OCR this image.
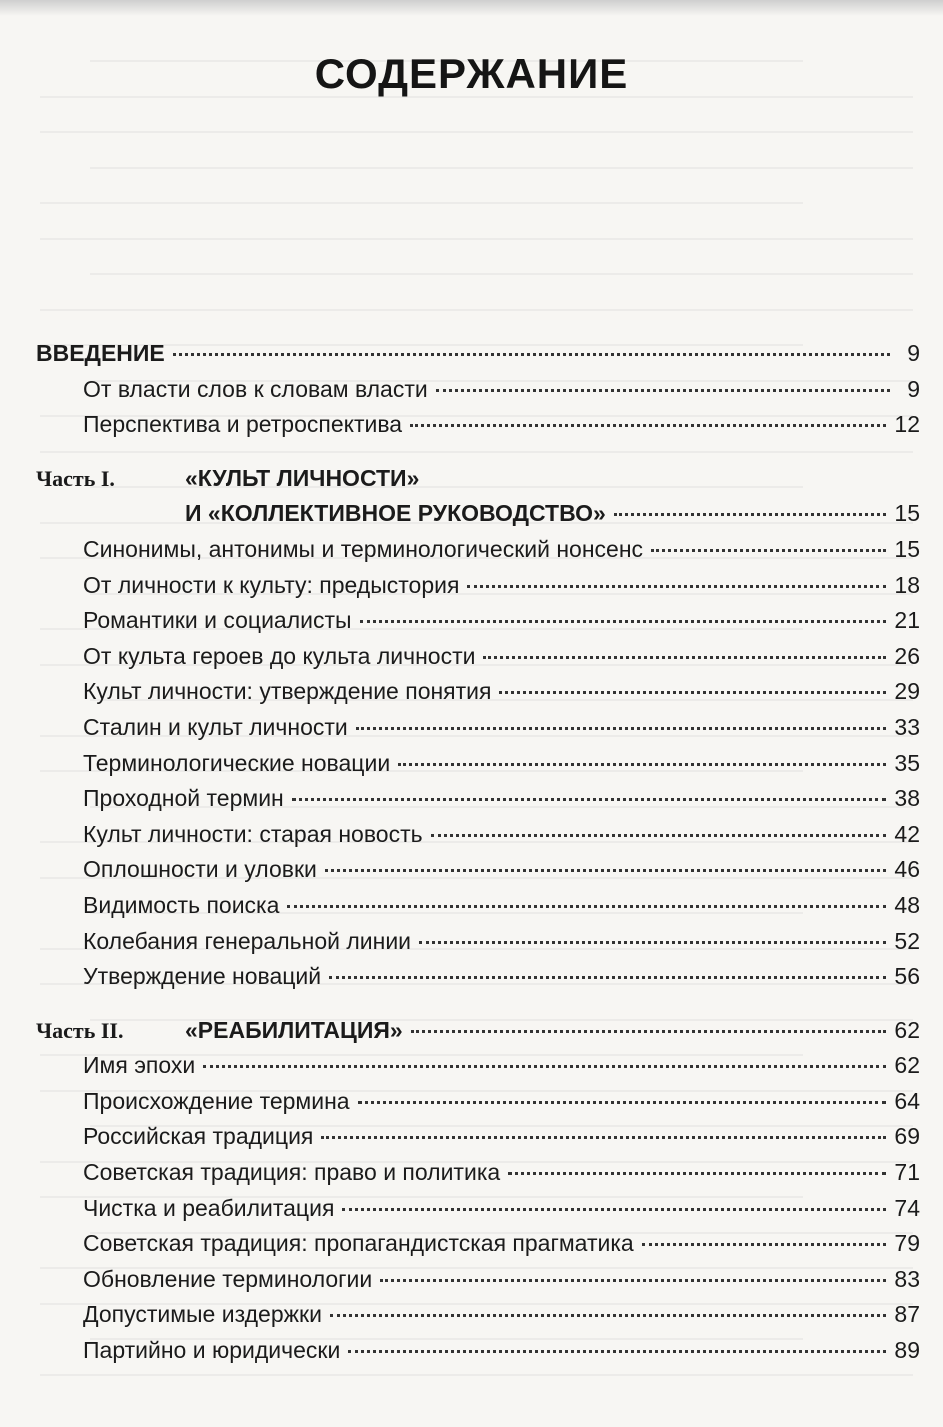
СОДЕРЖАНИЕ
ВВЕДЕНИЕ	9
От власти слов к словам власти	9
Перспектива и ретроспектива	12
Часть I.	«КУЛЬТ ЛИЧНОСТИ»
И «КОЛЛЕКТИВНОЕ РУКОВОДСТВО»	15
Синонимы, антонимы и терминологический нонсенс	15
От личности к культу: предыстория	18
Романтики и социалисты	21
От культа героев до культа личности	26
Культ личности: утверждение понятия	29
Сталин и культ личности	33
Терминологические новации	35
Проходной термин	38
Культ личности: старая новость	42
Оплошности и уловки	46
Видимость поиска	48
Колебания генеральной линии	52
Утверждение новаций	56
Часть II.	«РЕАБИЛИТАЦИЯ»	62
Имя эпохи	62
Происхождение термина	64
Российская традиция	69
Советская традиция: право и политика	71
Чистка и реабилитация	74
Советская традиция: пропагандистская прагматика	79
Обновление терминологии	83
Допустимые издержки	87
Партийно и юридически	89
